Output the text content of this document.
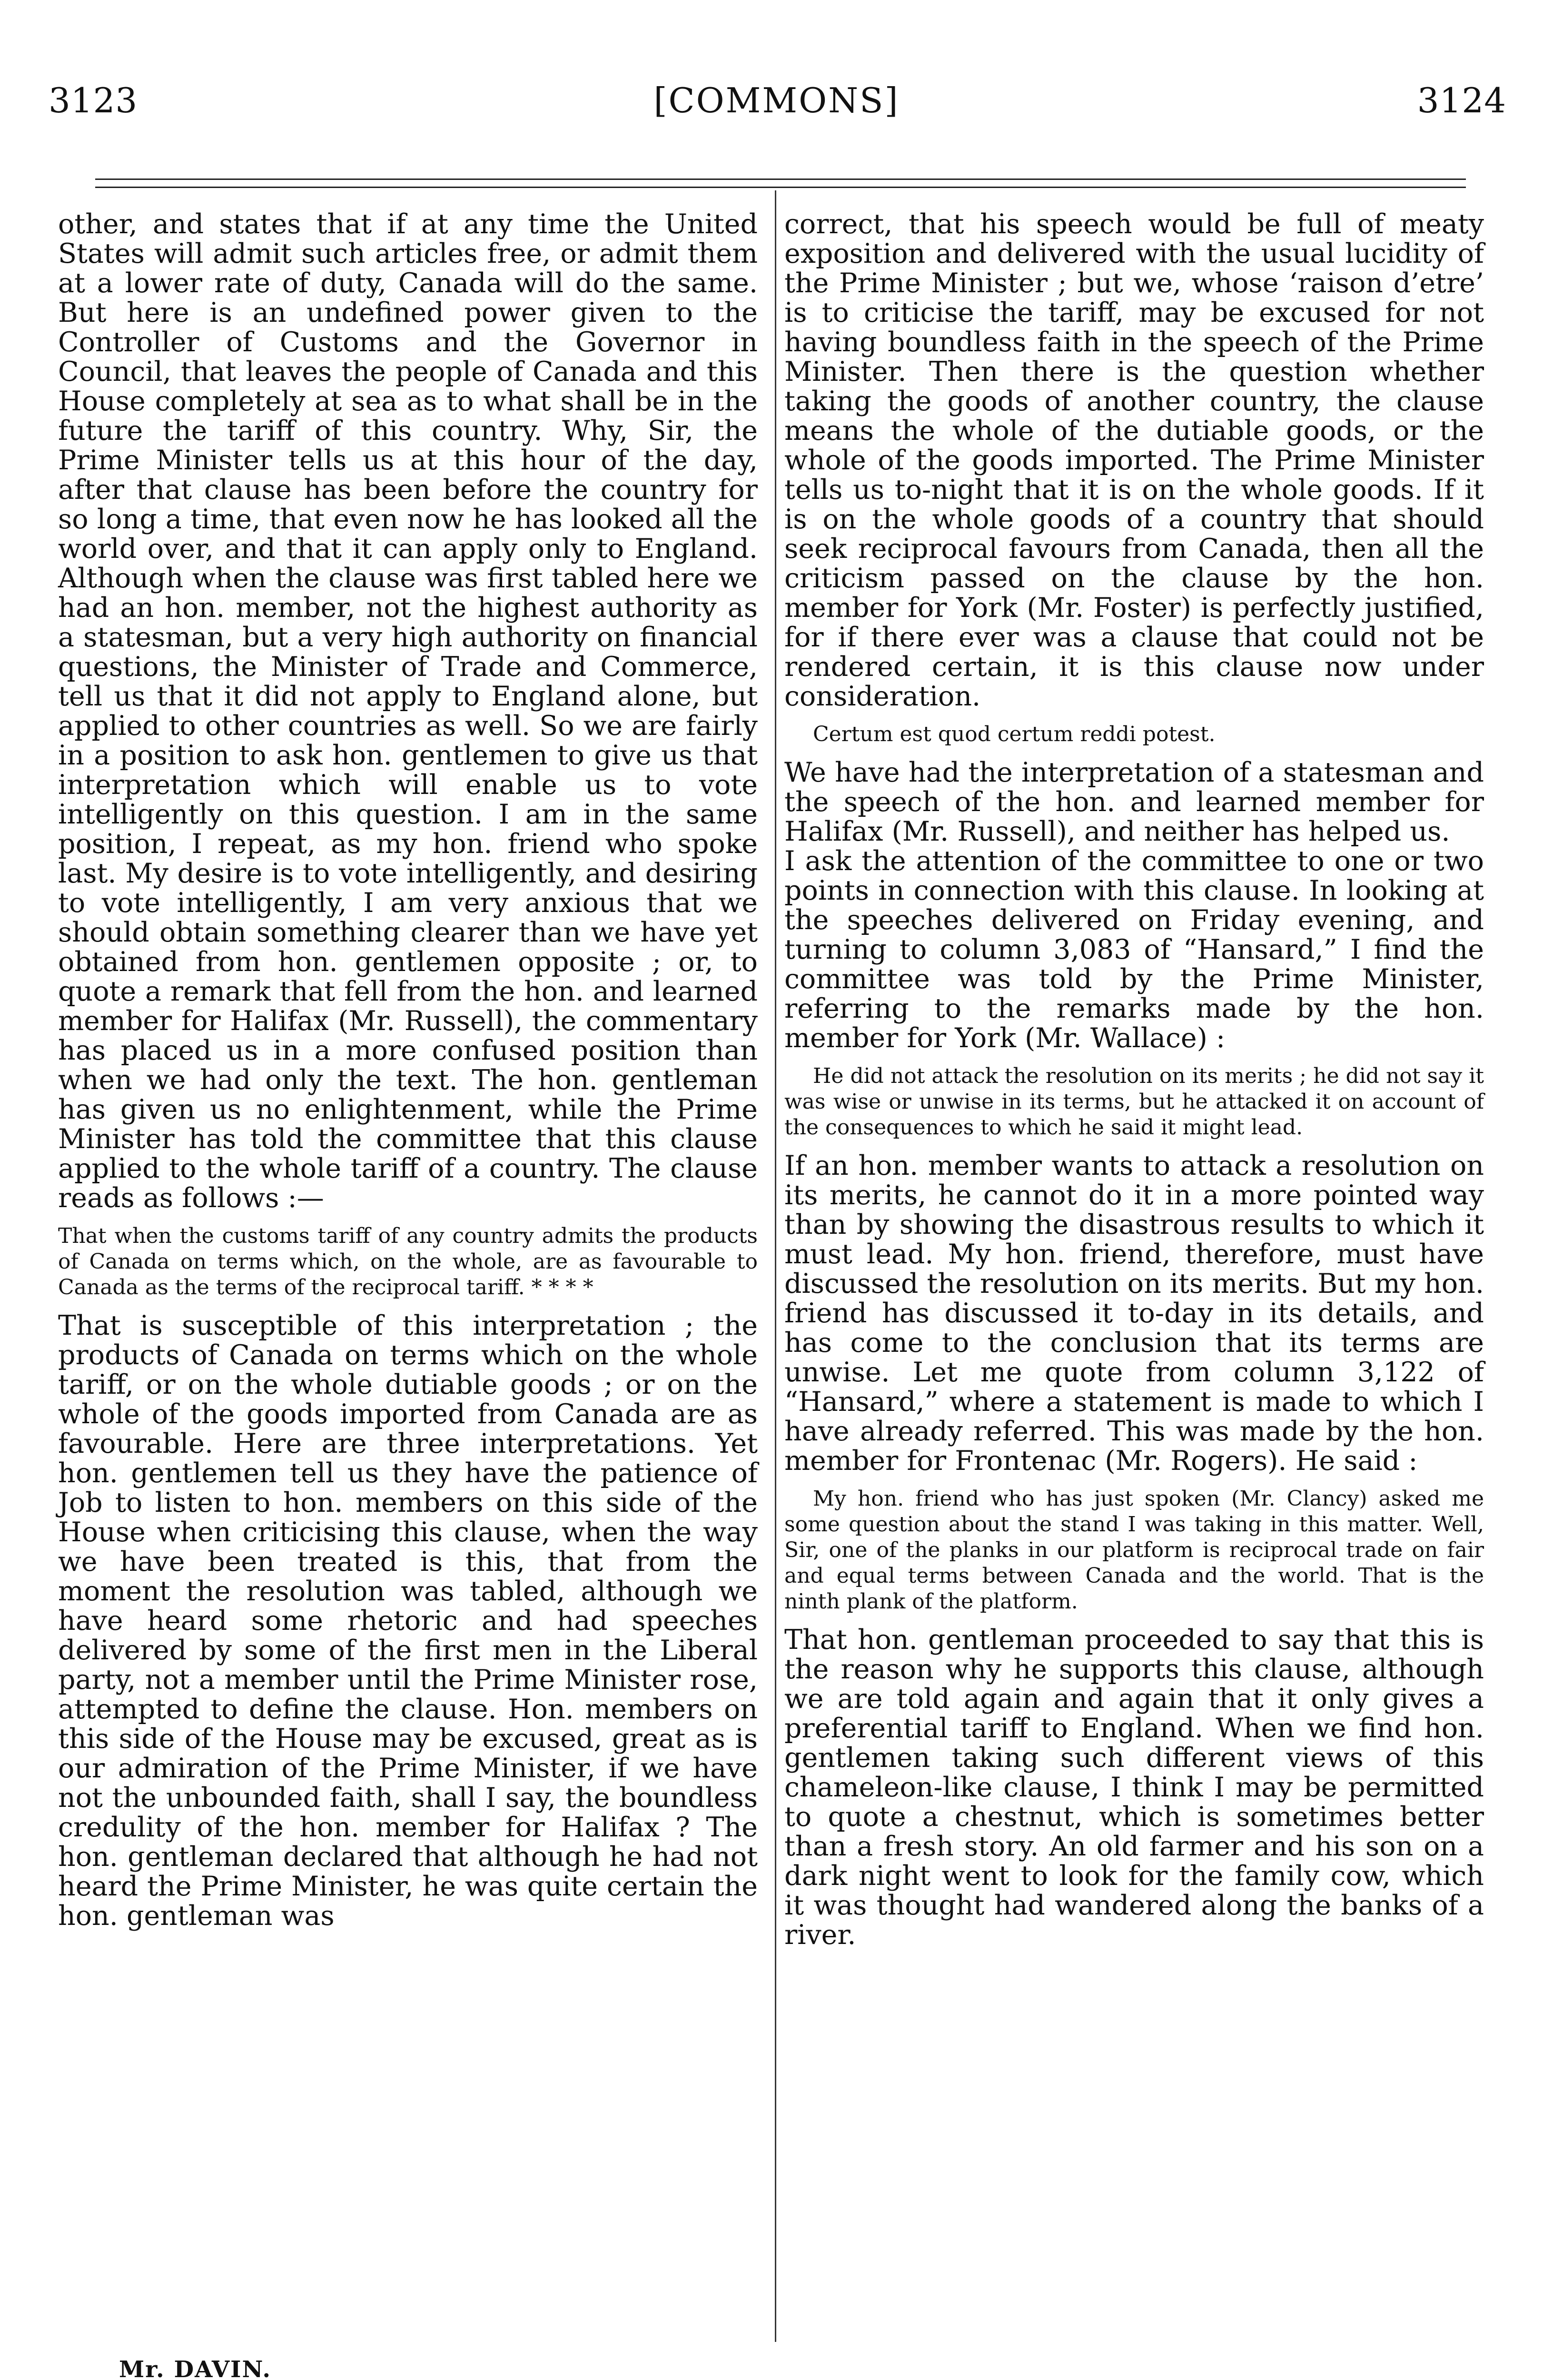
[COMMONS]
3123	3124

other, and states that if at any time the United States will admit such articles free, or admit them at a lower rate of duty, Canada will do the same. But here is an undefined power given to the Controller of Customs and the Governor in Council, that leaves the people of Canada and this House completely at sea as to what shall be in the future the tariff of this country. Why, Sir, the Prime Minister tells us at this hour of the day, after that clause has been before the country for so long a time, that even now he has looked all the world over, and that it can apply only to England. Although when the clause was first tabled here we had an hon. member, not the highest authority as a statesman, but a very high authority on financial questions, the Minister of Trade and Commerce, tell us that it did not apply to England alone, but applied to other countries as well. So we are fairly in a position to ask hon. gentlemen to give us that interpretation which will enable us to vote intelligently on this question. I am in the same position, I repeat, as my hon. friend who spoke last. My desire is to vote intelligently, and desiring to vote intelligently, I am very anxious that we should obtain something clearer than we have yet obtained from hon. gentlemen opposite ; or, to quote a remark that fell from the hon. and learned member for Halifax (Mr. Russell), the commentary has placed us in a more confused position than when we had only the text. The hon. gentleman has given us no enlightenment, while the Prime Minister has told the committee that this clause applied to the whole tariff of a country. The clause reads as follows :—

That when the customs tariff of any country admits the products of Canada on terms which, on the whole, are as favourable to Canada as the terms of the reciprocal tariff. * * * *

That is susceptible of this interpretation ; the products of Canada on terms which on the whole tariff, or on the whole dutiable goods ; or on the whole of the goods imported from Canada are as favourable. Here are three interpretations. Yet hon. gentlemen tell us they have the patience of Job to listen to hon. members on this side of the House when criticising this clause, when the way we have been treated is this, that from the moment the resolution was tabled, although we have heard some rhetoric and had speeches delivered by some of the first men in the Liberal party, not a member until the Prime Minister rose, attempted to define the clause. Hon. members on this side of the House may be excused, great as is our admiration of the Prime Minister, if we have not the unbounded faith, shall I say, the boundless credulity of the hon. member for Halifax ? The hon. gentleman declared that although he had not heard the Prime Minister, he was quite certain the hon. gentleman was

correct, that his speech would be full of meaty exposition and delivered with the usual lucidity of the Prime Minister ; but we, whose ‘raison d’etre’ is to criticise the tariff, may be excused for not having boundless faith in the speech of the Prime Minister. Then there is the question whether taking the goods of another country, the clause means the whole of the dutiable goods, or the whole of the goods imported. The Prime Minister tells us to-night that it is on the whole goods. If it is on the whole goods of a country that should seek reciprocal favours from Canada, then all the criticism passed on the clause by the hon. member for York (Mr. Foster) is perfectly justified, for if there ever was a clause that could not be rendered certain, it is this clause now under consideration.

Certum est quod certum reddi potest.

We have had the interpretation of a statesman and the speech of the hon. and learned member for Halifax (Mr. Russell), and neither has helped us.

I ask the attention of the committee to one or two points in connection with this clause. In looking at the speeches delivered on Friday evening, and turning to column 3,083 of “Hansard,” I find the committee was told by the Prime Minister, referring to the remarks made by the hon. member for York (Mr. Wallace) :

He did not attack the resolution on its merits ; he did not say it was wise or unwise in its terms, but he attacked it on account of the consequences to which he said it might lead.

If an hon. member wants to attack a resolution on its merits, he cannot do it in a more pointed way than by showing the disastrous results to which it must lead. My hon. friend, therefore, must have discussed the resolution on its merits. But my hon. friend has discussed it to-day in its details, and has come to the conclusion that its terms are unwise. Let me quote from column 3,122 of “Hansard,” where a statement is made to which I have already referred. This was made by the hon. member for Frontenac (Mr. Rogers). He said :

My hon. friend who has just spoken (Mr. Clancy) asked me some question about the stand I was taking in this matter. Well, Sir, one of the planks in our platform is reciprocal trade on fair and equal terms between Canada and the world. That is the ninth plank of the platform.

That hon. gentleman proceeded to say that this is the reason why he supports this clause, although we are told again and again that it only gives a preferential tariff to England. When we find hon. gentlemen taking such different views of this chameleon-like clause, I think I may be permitted to quote a chestnut, which is sometimes better than a fresh story. An old farmer and his son on a dark night went to look for the family cow, which it was thought had wandered along the banks of a river.

Mr. DAVIN.
